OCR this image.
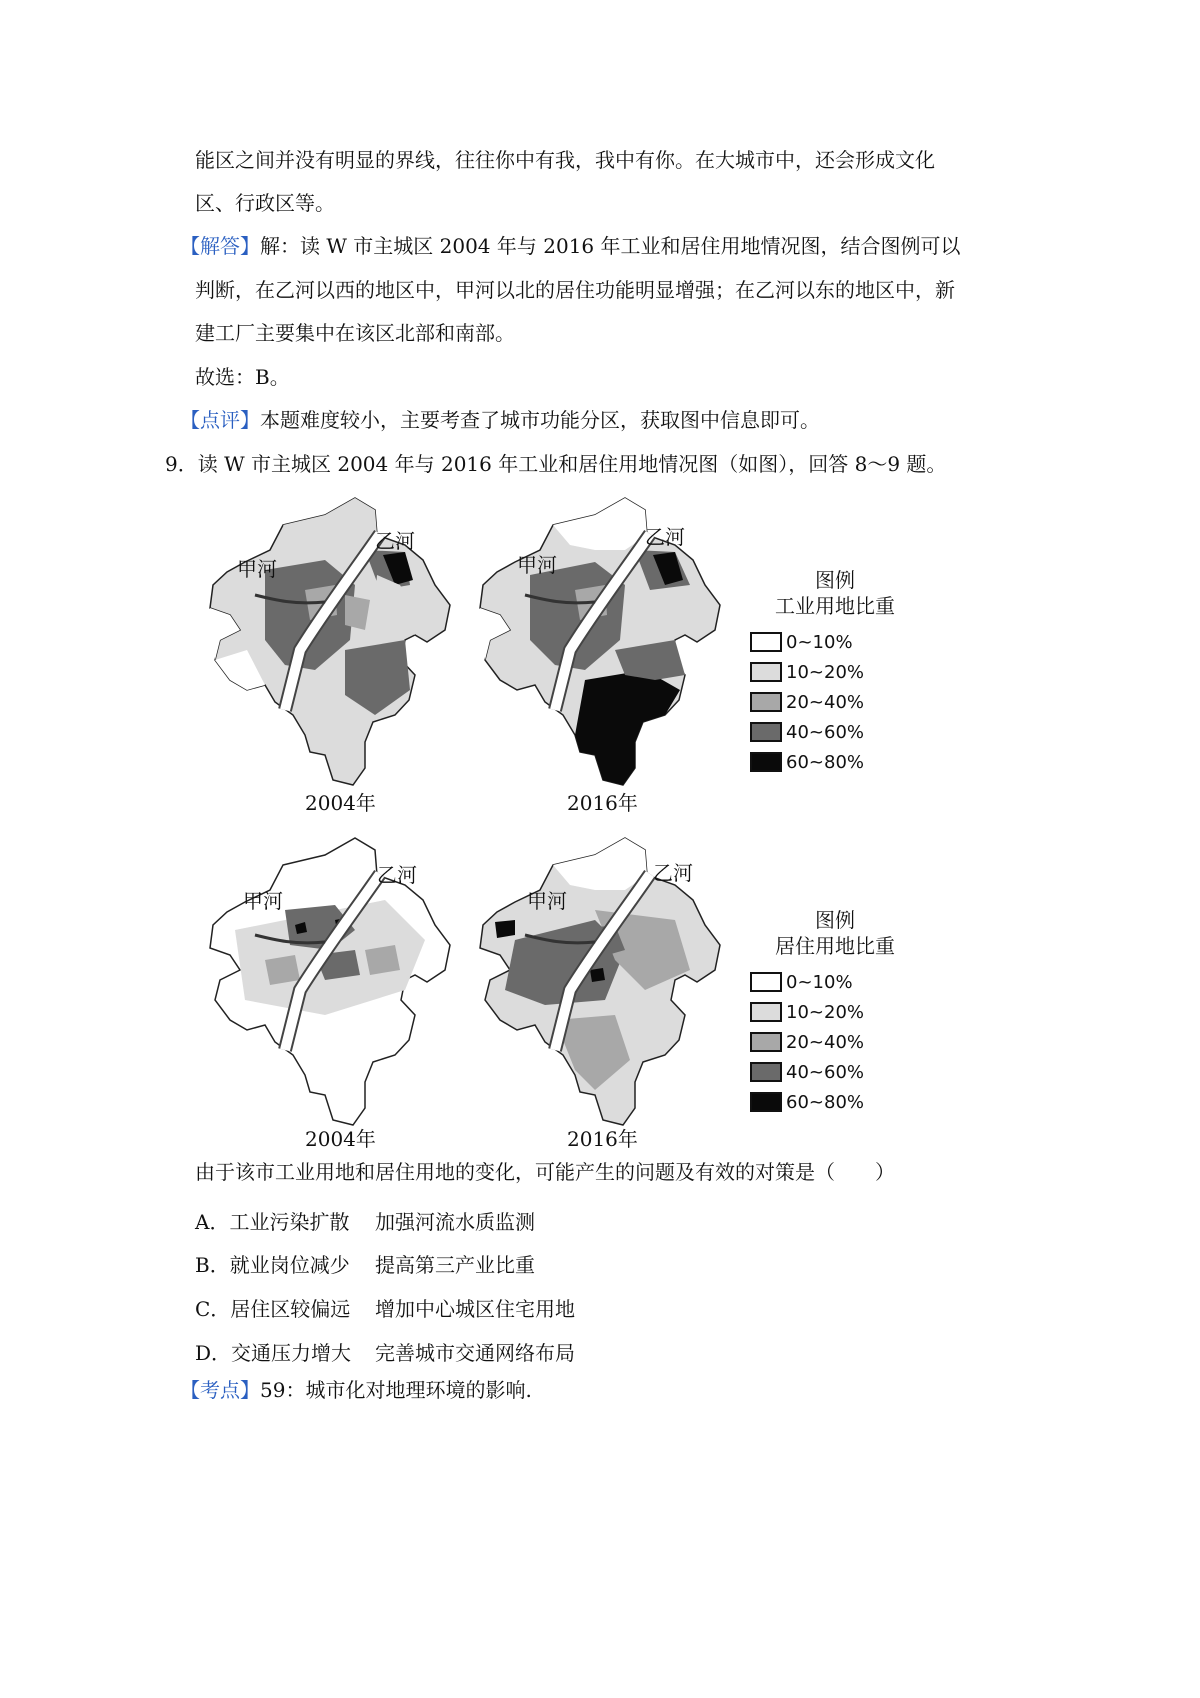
能区之间并没有明显的界线，往往你中有我，我中有你。在大城市中，还会形成文化
区、行政区等。
【解答】解：读 W 市主城区 2004 年与 2016 年工业和居住用地情况图，结合图例可以
判断，在乙河以西的地区中，甲河以北的居住功能明显增强；在乙河以东的地区中，新
建工厂主要集中在该区北部和南部。
故选：B。
【点评】本题难度较小，主要考查了城市功能分区，获取图中信息即可。
9．读 W 市主城区 2004 年与 2016 年工业和居住用地情况图（如图），回答 8～9 题。
甲河
乙河
甲河
乙河
甲河
乙河
甲河
乙河
2004年	2016年
2004年	2016年
图例
工业用地比重
0~10%
10~20%
20~40%
40~60%
60~80%
图例
居住用地比重
0~10%
10~20%
20~40%
40~60%
60~80%
由于该市工业用地和居住用地的变化，可能产生的问题及有效的对策是（　　）
A．工业污染扩散 加强河流水质监测
B．就业岗位减少 提高第三产业比重
C．居住区较偏远 增加中心城区住宅用地
D．交通压力增大 完善城市交通网络布局
【考点】59：城市化对地理环境的影响.
